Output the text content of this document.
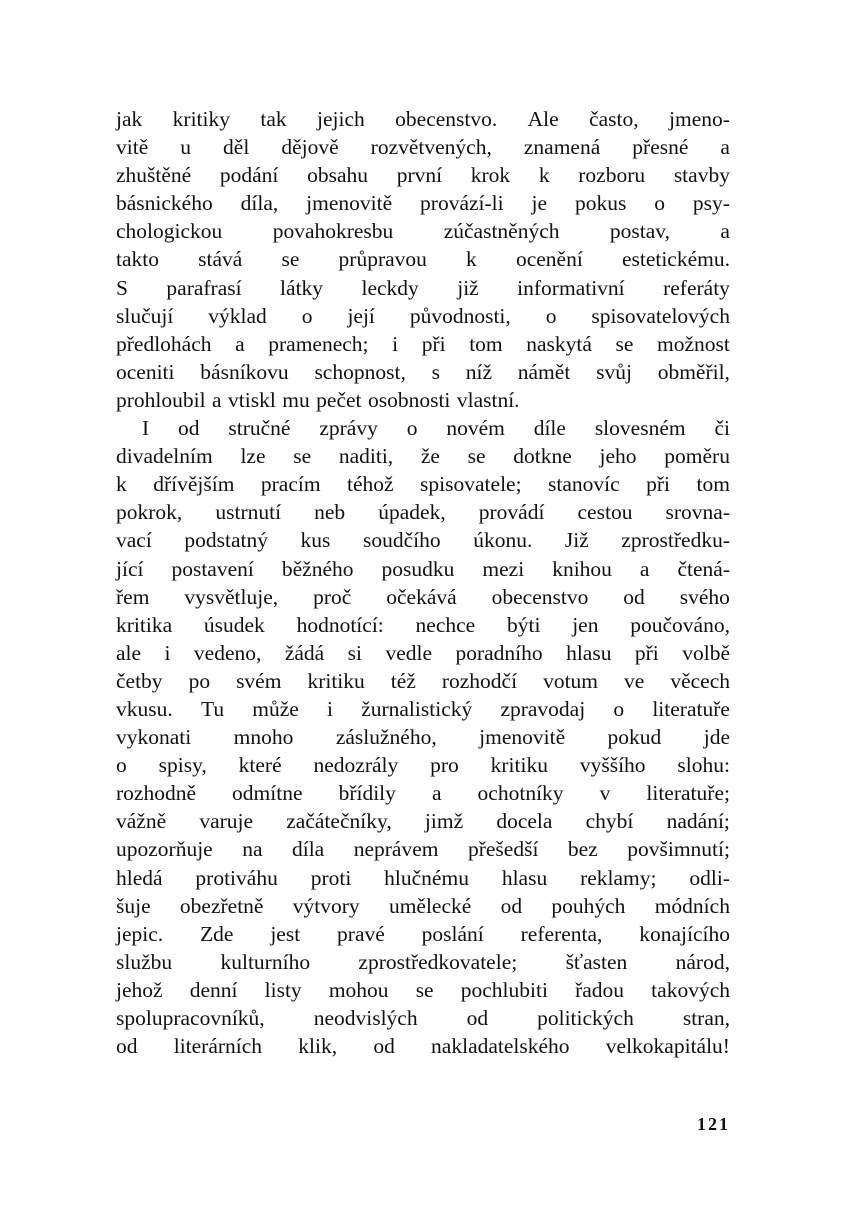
jak kritiky tak jejich obecenstvo. Ale často, jmeno-
vitě u děl dějově rozvětvených, znamená přesné a
zhuštěné podání obsahu první krok k rozboru stavby
básnického díla, jmenovitě provází-li je pokus o psy-
chologickou povahokresbu zúčastněných postav, a
takto stává se průpravou k ocenění estetickému.
S parafrasí látky leckdy již informativní referáty
slučují výklad o její původnosti, o spisovatelových
předlohách a pramenech; i při tom naskytá se možnost
oceniti básníkovu schopnost, s níž námět svůj obměřil,
prohloubil a vtiskl mu pečet osobnosti vlastní.
I od stručné zprávy o novém díle slovesném či
divadelním lze se naditi, že se dotkne jeho poměru
k dřívějším pracím téhož spisovatele; stanovíc při tom
pokrok, ustrnutí neb úpadek, provádí cestou srovna-
vací podstatný kus soudčího úkonu. Již zprostředku-
jící postavení běžného posudku mezi knihou a čtená-
řem vysvětluje, proč očekává obecenstvo od svého
kritika úsudek hodnotící: nechce býti jen poučováno,
ale i vedeno, žádá si vedle poradního hlasu při volbě
četby po svém kritiku též rozhodčí votum ve věcech
vkusu. Tu může i žurnalistický zpravodaj o literatuře
vykonati mnoho záslužného, jmenovitě pokud jde
o spisy, které nedozrály pro kritiku vyššího slohu:
rozhodně odmítne břídily a ochotníky v literatuře;
vážně varuje začátečníky, jimž docela chybí nadání;
upozorňuje na díla neprávem přešedší bez povšimnutí;
hledá protiváhu proti hlučnému hlasu reklamy; odli-
šuje obezřetně výtvory umělecké od pouhých módních
jepic. Zde jest pravé poslání referenta, konajícího
službu kulturního zprostředkovatele; šťasten národ,
jehož denní listy mohou se pochlubiti řadou takových
spolupracovníků, neodvislých od politických stran,
od literárních klik, od nakladatelského velkokapitálu!
121
